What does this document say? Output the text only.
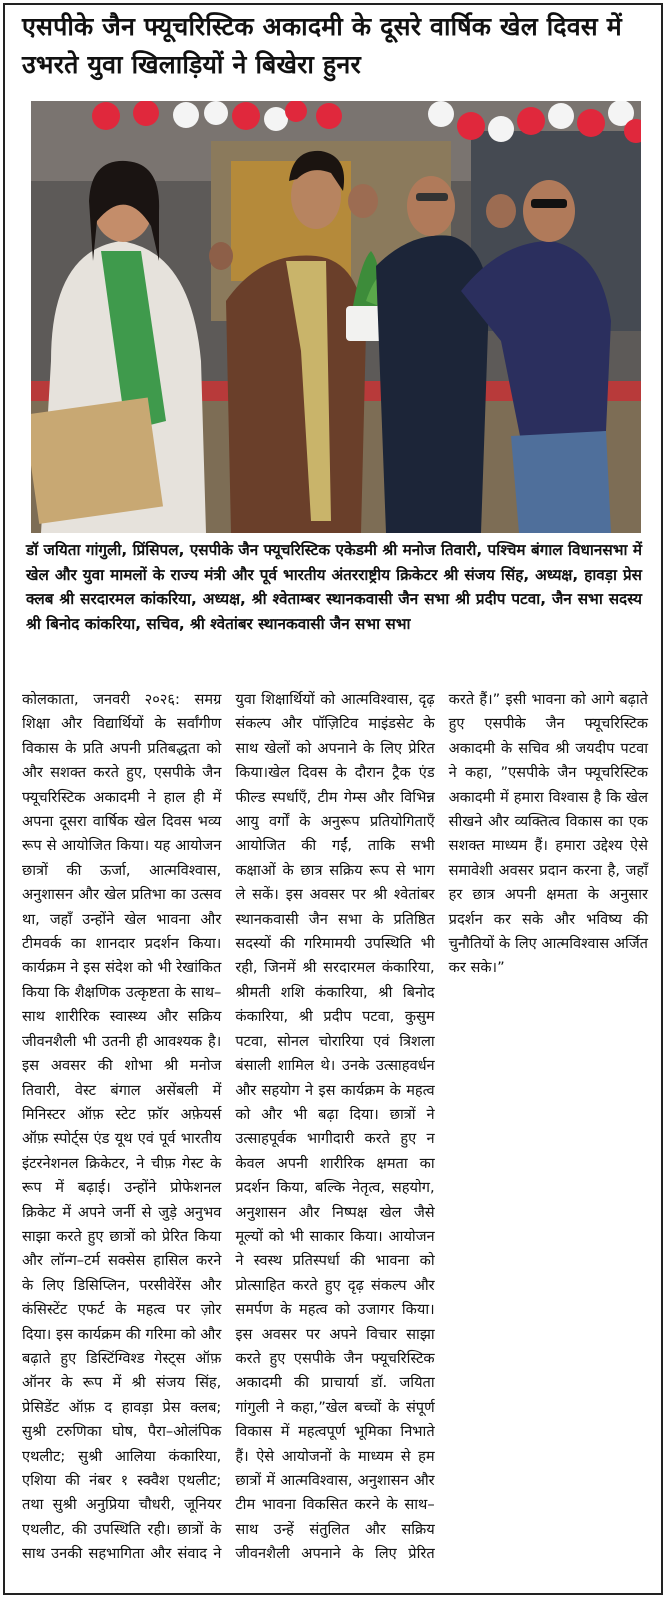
एसपीके जैन फ्यूचरिस्टिक अकादमी के दूसरे वार्षिक खेल दिवस में उभरते युवा खिलाड़ियों ने बिखेरा हुनर

डॉ जयिता गांगुली, प्रिंसिपल, एसपीके जैन फ्यूचरिस्टिक एकेडमी श्री मनोज तिवारी, पश्चिम बंगाल विधानसभा में खेल और युवा मामलों के राज्य मंत्री और पूर्व भारतीय अंतरराष्ट्रीय क्रिकेटर श्री संजय सिंह, अध्यक्ष, हावड़ा प्रेस क्लब श्री सरदारमल कांकरिया, अध्यक्ष, श्री श्वेताम्बर स्थानकवासी जैन सभा श्री प्रदीप पटवा, जैन सभा सदस्य श्री बिनोद कांकरिया, सचिव, श्री श्वेतांबर स्थानकवासी जैन सभा सभा

कोलकाता, जनवरी २०२६: समग्र शिक्षा और विद्यार्थियों के सर्वांगीण विकास के प्रति अपनी प्रतिबद्धता को और सशक्त करते हुए, एसपीके जैन फ्यूचरिस्टिक अकादमी ने हाल ही में अपना दूसरा वार्षिक खेल दिवस भव्य रूप से आयोजित किया। यह आयोजन छात्रों की ऊर्जा, आत्मविश्वास, अनुशासन और खेल प्रतिभा का उत्सव था, जहाँ उन्होंने खेल भावना और टीमवर्क का शानदार प्रदर्शन किया। कार्यक्रम ने इस संदेश को भी रेखांकित किया कि शैक्षणिक उत्कृष्टता के साथ–साथ शारीरिक स्वास्थ्य और सक्रिय जीवनशैली भी उतनी ही आवश्यक है। इस अवसर की शोभा श्री मनोज तिवारी, वेस्ट बंगाल असेंबली में मिनिस्टर ऑफ़ स्टेट फ़ॉर अफ़ेयर्स ऑफ़ स्पोर्ट्स एंड यूथ एवं पूर्व भारतीय इंटरनेशनल क्रिकेटर, ने चीफ़ गेस्ट के रूप में बढ़ाई। उन्होंने प्रोफेशनल क्रिकेट में अपने जर्नी से जुड़े अनुभव साझा करते हुए छात्रों को प्रेरित किया और लॉन्ग–टर्म सक्सेस हासिल करने के लिए डिसिप्लिन, परसीवेरेंस और कंसिस्टेंट एफर्ट के महत्व पर ज़ोर दिया। इस कार्यक्रम की गरिमा को और बढ़ाते हुए डिस्टिंग्विश्ड गेस्ट्स ऑफ़ ऑनर के रूप में श्री संजय सिंह, प्रेसिडेंट ऑफ़ द हावड़ा प्रेस क्लब; सुश्री टरुणिका घोष, पैरा–ओलंपिक एथलीट; सुश्री आलिया कंकारिया, एशिया की नंबर १ स्क्वैश एथलीट; तथा सुश्री अनुप्रिया चौधरी, जूनियर एथलीट, की उपस्थिति रही। छात्रों के साथ उनकी सहभागिता और संवाद ने युवा शिक्षार्थियों को आत्मविश्वास, दृढ़ संकल्प और पॉज़िटिव माइंडसेट के साथ खेलों को अपनाने के लिए प्रेरित किया।खेल दिवस के दौरान ट्रैक एंड फील्ड स्पर्धाएँ, टीम गेम्स और विभिन्न आयु वर्गों के अनुरूप प्रतियोगिताएँ आयोजित की गईं, ताकि सभी कक्षाओं के छात्र सक्रिय रूप से भाग ले सकें। इस अवसर पर श्री श्वेतांबर स्थानकवासी जैन सभा के प्रतिष्ठित सदस्यों की गरिमामयी उपस्थिति भी रही, जिनमें श्री सरदारमल कंकारिया, श्रीमती शशि कंकारिया, श्री बिनोद कंकारिया, श्री प्रदीप पटवा, कुसुम पटवा, सोनल चोरारिया एवं त्रिशला बंसाली शामिल थे। उनके उत्साहवर्धन और सहयोग ने इस कार्यक्रम के महत्व को और भी बढ़ा दिया। छात्रों ने उत्साहपूर्वक भागीदारी करते हुए न केवल अपनी शारीरिक क्षमता का प्रदर्शन किया, बल्कि नेतृत्व, सहयोग, अनुशासन और निष्पक्ष खेल जैसे मूल्यों को भी साकार किया। आयोजन ने स्वस्थ प्रतिस्पर्धा की भावना को प्रोत्साहित करते हुए दृढ़ संकल्प और समर्पण के महत्व को उजागर किया। इस अवसर पर अपने विचार साझा करते हुए एसपीके जैन फ्यूचरिस्टिक अकादमी की प्राचार्या डॉ. जयिता गांगुली ने कहा,”खेल बच्चों के संपूर्ण विकास में महत्वपूर्ण भूमिका निभाते हैं। ऐसे आयोजनों के माध्यम से हम छात्रों में आत्मविश्वास, अनुशासन और टीम भावना विकसित करने के साथ–साथ उन्हें संतुलित और सक्रिय जीवनशैली अपनाने के लिए प्रेरित करते हैं।” इसी भावना को आगे बढ़ाते हुए एसपीके जैन फ्यूचरिस्टिक अकादमी के सचिव श्री जयदीप पटवा ने कहा, ”एसपीके जैन फ्यूचरिस्टिक अकादमी में हमारा विश्वास है कि खेल सीखने और व्यक्तित्व विकास का एक सशक्त माध्यम हैं। हमारा उद्देश्य ऐसे समावेशी अवसर प्रदान करना है, जहाँ हर छात्र अपनी क्षमता के अनुसार प्रदर्शन कर सके और भविष्य की चुनौतियों के लिए आत्मविश्वास अर्जित कर सके।”
